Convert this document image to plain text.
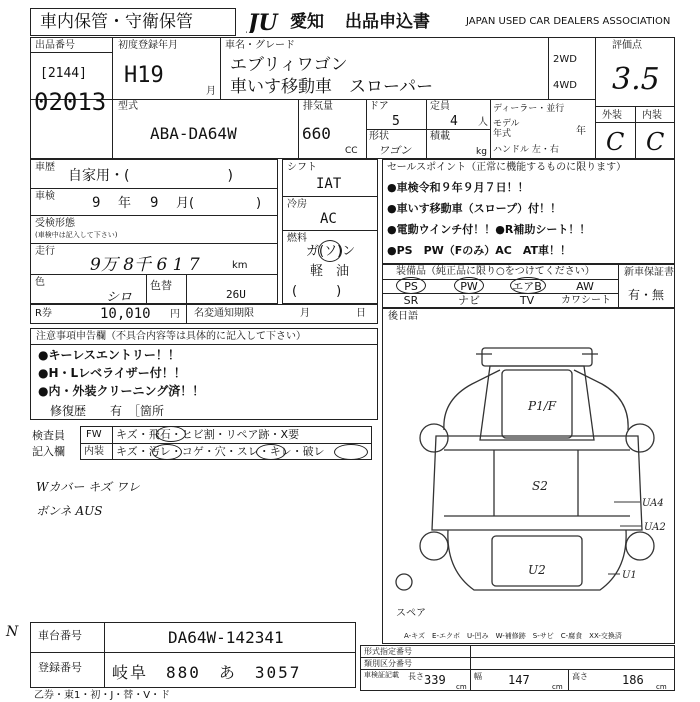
車内保管・守衛保管	JU 愛知 出品申込書	JAPAN USED CAR DEALERS ASSOCIATION
出品番号
[2144]
02013
初度登録年月
H19
月
車名・グレード
エブリィワゴン
車いす移動車　スローパー
2WD
4WD
評価点
3.5
外装 内装
C C
型式
ABA-DA64W
排気量
660
CC
ドア
5
形状
ワゴン
定員
4 人
積載
kg
ディーラー・並行
モデル年式	年
ハンドル 左・右
車歴
自家用・(　　　　　　　)
車検	9 年 9 月(	)
受検形態
(車検中は記入して下さい)
走行
9万 8千 6 1 7	km
色
シロ
色替
26U
シフト
IAT
冷房
AC
燃料
ガ(ソ)ン
軽　油
(　　　)
セールスポイント（正常に機能するものに限ります）
●車検令和９年９月７日！！
●車いす移動車（スロープ）付！！
●電動ウインチ付！！●R補助シート！！
●PS　PW（Fのみ）AC　AT車！！
装備品（純正品に限り○をつけてください）
PS	PW	エアB	AW
SR	ナビ	TV	カワシート
新車保証書
有・無
R券	10,010 円 名変通知期限	月	日
注意事項申告欄（不具合内容等は具体的に記入して下さい）
●キーレスエントリー！！
●H・Lレベライザー付！！
●内・外装クリーニング済！！
修復歴　　有　［箇所
検査員
記入欄
FW キズ・飛石・ヒビ割・リペア跡・X要
内装 キズ・汚レ・コゲ・穴・スレ・キレ・破レ
Wカバー キズ ワレ
ボンネ AUS
N
後日語
P1/F
S2
U2
UA4
UA2
U1
スペア
A-キズ　E-エクボ　U-凹み　W-補修跡　S-サビ　C-腐食　XX-交換済
形式指定番号
類別区分番号
車検証記載 長さ 339 cm
幅 147	cm
高さ	186 cm
車台番号	DA64W-142341
登録番号 岐阜　880　あ　3057
乙券・東1・初・J・替・V・ド
